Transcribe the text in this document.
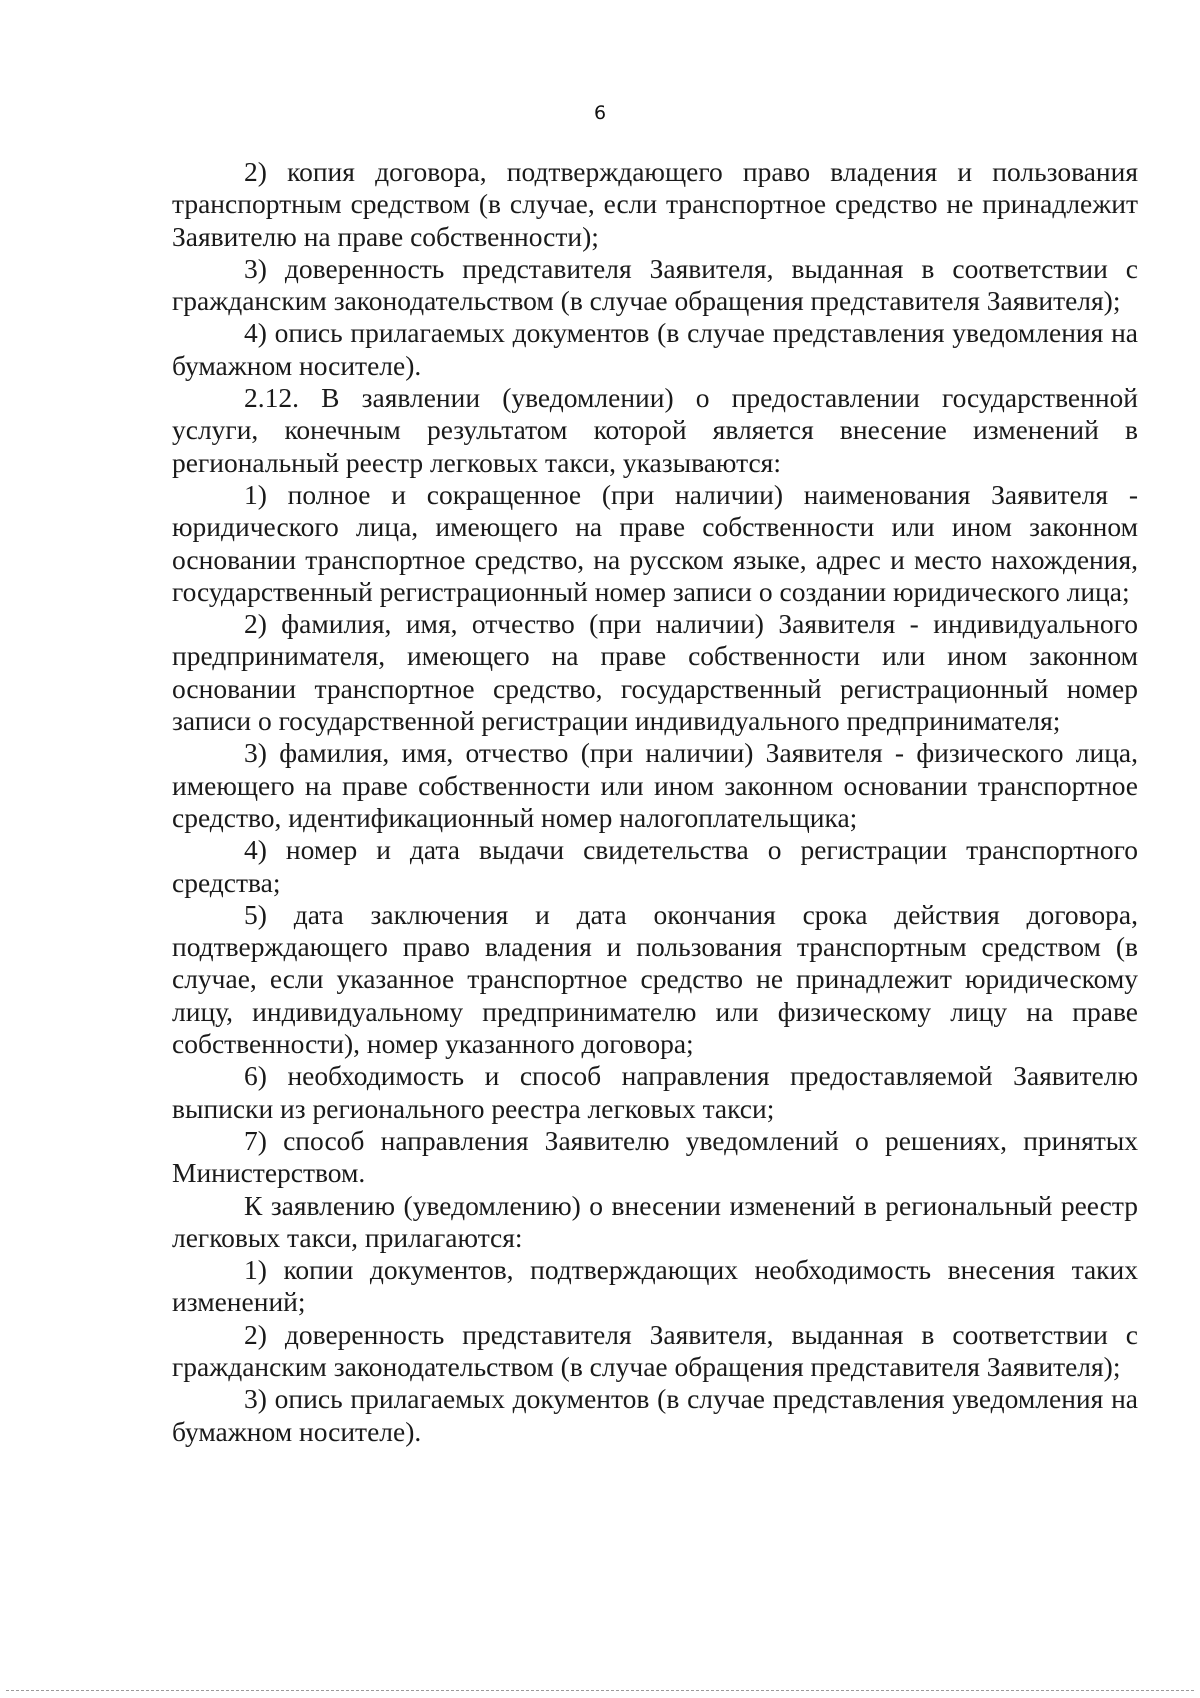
6

2) копия договора, подтверждающего право владения и пользования транспортным средством (в случае, если транспортное средство не принадлежит Заявителю на праве собственности);

3) доверенность представителя Заявителя, выданная в соответствии с гражданским законодательством (в случае обращения представителя Заявителя);

4) опись прилагаемых документов (в случае представления уведомления на бумажном носителе).

2.12. В заявлении (уведомлении) о предоставлении государственной услуги, конечным результатом которой является внесение изменений в региональный реестр легковых такси, указываются:

1) полное и сокращенное (при наличии) наименования Заявителя - юридического лица, имеющего на праве собственности или ином законном основании транспортное средство, на русском языке, адрес и место нахождения, государственный регистрационный номер записи о создании юридического лица;

2) фамилия, имя, отчество (при наличии) Заявителя - индивидуального предпринимателя, имеющего на праве собственности или ином законном основании транспортное средство, государственный регистрационный номер записи о государственной регистрации индивидуального предпринимателя;

3) фамилия, имя, отчество (при наличии) Заявителя - физического лица, имеющего на праве собственности или ином законном основании транспортное средство, идентификационный номер налогоплательщика;

4) номер и дата выдачи свидетельства о регистрации транспортного средства;

5) дата заключения и дата окончания срока действия договора, подтверждающего право владения и пользования транспортным средством (в случае, если указанное транспортное средство не принадлежит юридическому лицу, индивидуальному предпринимателю или физическому лицу на праве собственности), номер указанного договора;

6) необходимость и способ направления предоставляемой Заявителю выписки из регионального реестра легковых такси;

7) способ направления Заявителю уведомлений о решениях, принятых Министерством.

К заявлению (уведомлению) о внесении изменений в региональный реестр легковых такси, прилагаются:

1) копии документов, подтверждающих необходимость внесения таких изменений;

2) доверенность представителя Заявителя, выданная в соответствии с гражданским законодательством (в случае обращения представителя Заявителя);

3) опись прилагаемых документов (в случае представления уведомления на бумажном носителе).
